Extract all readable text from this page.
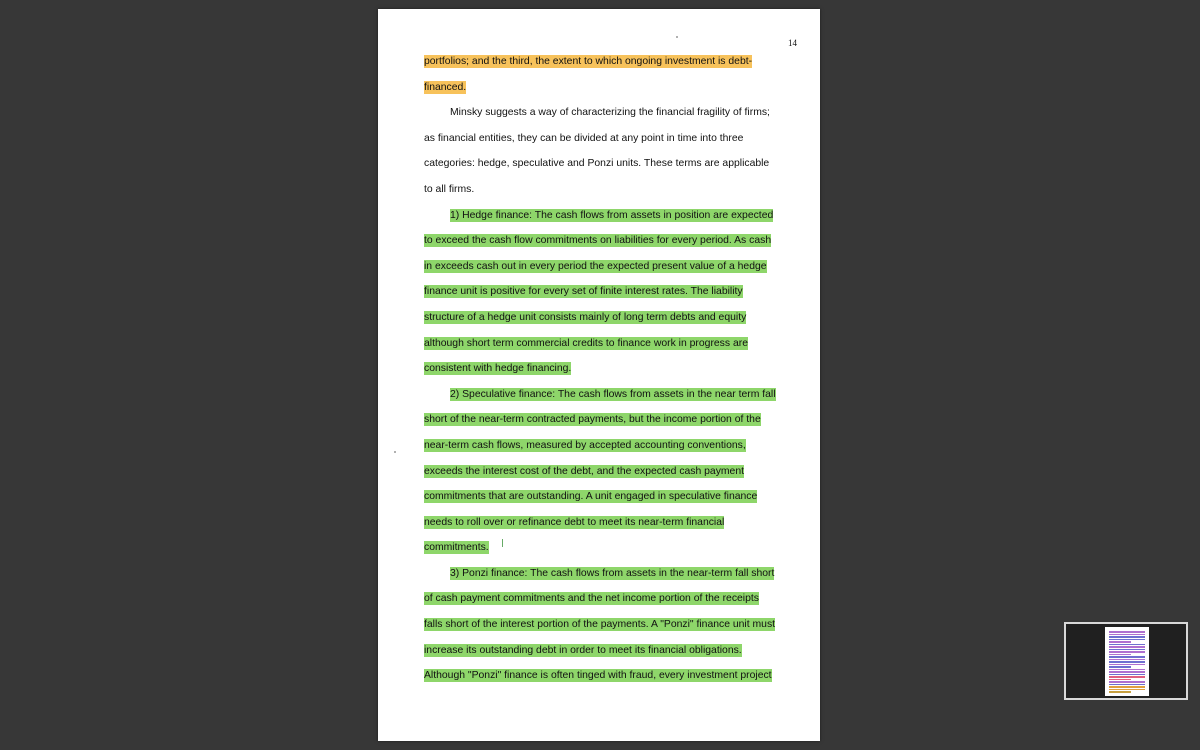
14
portfolios; and the third, the extent to which ongoing investment is debt-
financed.
Minsky suggests a way of characterizing the financial fragility of firms;
as financial entities, they can be divided at any point in time into three
categories: hedge, speculative and Ponzi units. These terms are applicable
to all firms.
1) Hedge finance: The cash flows from assets in position are expected
to exceed the cash flow commitments on liabilities for every period. As cash
in exceeds cash out in every period the expected present value of a hedge
finance unit is positive for every set of finite interest rates. The liability
structure of a hedge unit consists mainly of long term debts and equity
although short term commercial credits to finance work in progress are
consistent with hedge financing.
2) Speculative finance: The cash flows from assets in the near term fall
short of the near-term contracted payments, but the income portion of the
near-term cash flows, measured by accepted accounting conventions,
exceeds the interest cost of the debt, and the expected cash payment
commitments that are outstanding. A unit engaged in speculative finance
needs to roll over or refinance debt to meet its near-term financial
commitments.
3) Ponzi finance: The cash flows from assets in the near-term fall short
of cash payment commitments and the net income portion of the receipts
falls short of the interest portion of the payments. A "Ponzi" finance unit must
increase its outstanding debt in order to meet its financial obligations.
Although "Ponzi" finance is often tinged with fraud, every investment project
